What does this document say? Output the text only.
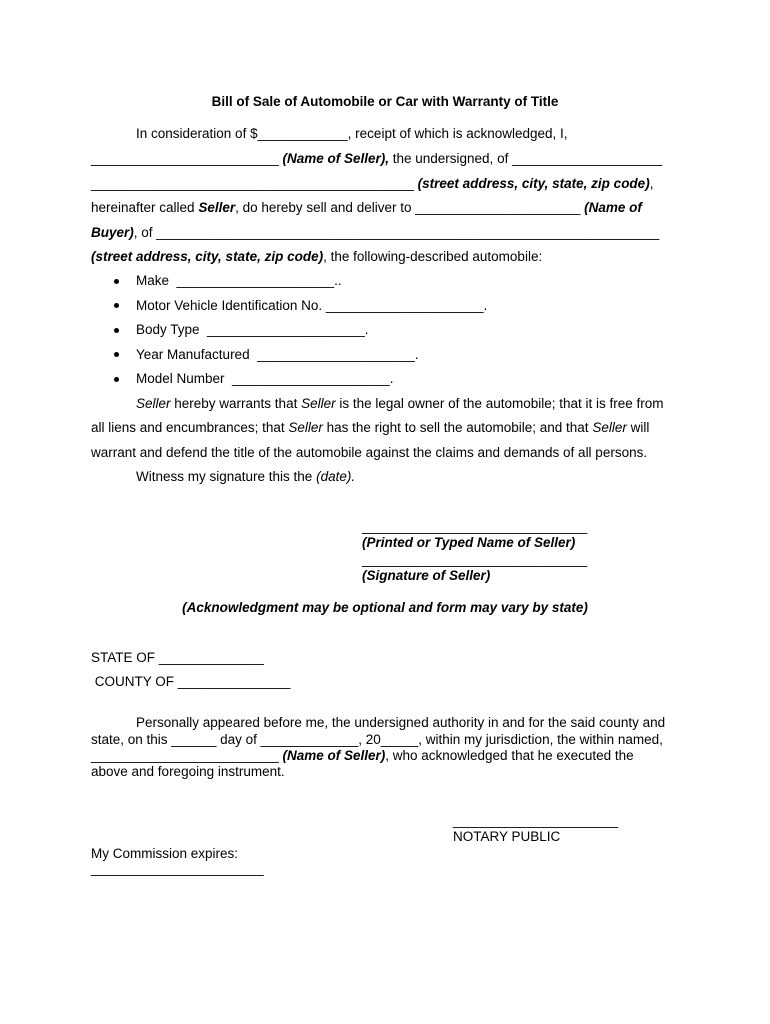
Bill of Sale of Automobile or Car with Warranty of Title
In consideration of $____________, receipt of which is acknowledged, I,
_________________________ (Name of Seller), the undersigned, of ____________________
___________________________________________ (street address, city, state, zip code),
hereinafter called Seller, do hereby sell and deliver to ______________________ (Name of
Buyer), of ___________________________________________________________________
(street address, city, state, zip code), the following-described automobile:
Make  _____________________..
Motor Vehicle Identification No. _____________________.
Body Type  _____________________.
Year Manufactured  _____________________.
Model Number  _____________________.
Seller hereby warrants that Seller is the legal owner of the automobile; that it is free from
all liens and encumbrances; that Seller has the right to sell the automobile; and that Seller will
warrant and defend the title of the automobile against the claims and demands of all persons.
Witness my signature this the (date).
______________________________
(Printed or Typed Name of Seller)
______________________________
(Signature of Seller)
(Acknowledgment may be optional and form may vary by state)
STATE OF ______________
COUNTY OF _______________
Personally appeared before me, the undersigned authority in and for the said county and
state, on this ______ day of _____________, 20_____, within my jurisdiction, the within named,
_________________________ (Name of Seller), who acknowledged that he executed the
above and foregoing instrument.
______________________
NOTARY PUBLIC
My Commission expires:
_______________________
